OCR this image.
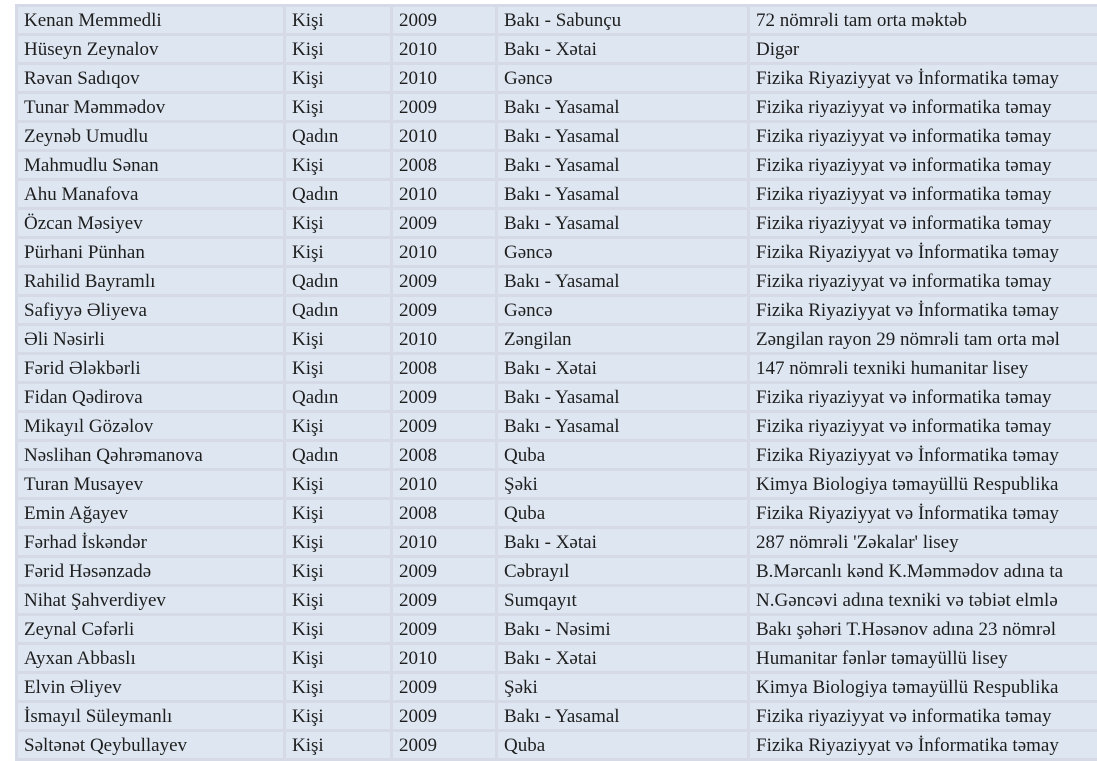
Kenan Memmedli	Kişi	2009	Bakı - Sabunçu	72 nömrəli tam orta məktəb
Hüseyn Zeynalov	Kişi	2010	Bakı - Xətai	Digər
Rəvan Sadıqov	Kişi	2010	Gəncə	Fizika Riyaziyyat və İnformatika təmay
Tunar Məmmədov	Kişi	2009	Bakı - Yasamal	Fizika riyaziyyat və informatika təmay
Zeynəb Umudlu	Qadın	2010	Bakı - Yasamal	Fizika riyaziyyat və informatika təmay
Mahmudlu Sənan	Kişi	2008	Bakı - Yasamal	Fizika riyaziyyat və informatika təmay
Ahu Manafova	Qadın	2010	Bakı - Yasamal	Fizika riyaziyyat və informatika təmay
Özcan Məsiyev	Kişi	2009	Bakı - Yasamal	Fizika riyaziyyat və informatika təmay
Pürhani Pünhan	Kişi	2010	Gəncə	Fizika Riyaziyyat və İnformatika təmay
Rahilid Bayramlı	Qadın	2009	Bakı - Yasamal	Fizika riyaziyyat və informatika təmay
Safiyyə Əliyeva	Qadın	2009	Gəncə	Fizika Riyaziyyat və İnformatika təmay
Əli Nəsirli	Kişi	2010	Zəngilan	Zəngilan rayon 29 nömrəli tam orta məl
Fərid Ələkbərli	Kişi	2008	Bakı - Xətai	147 nömrəli texniki humanitar lisey
Fidan Qədirova	Qadın	2009	Bakı - Yasamal	Fizika riyaziyyat və informatika təmay
Mikayıl Gözəlov	Kişi	2009	Bakı - Yasamal	Fizika riyaziyyat və informatika təmay
Nəslihan Qəhrəmanova	Qadın	2008	Quba	Fizika Riyaziyyat və İnformatika təmay
Turan Musayev	Kişi	2010	Şəki	Kimya Biologiya təmayüllü Respublika
Emin Ağayev	Kişi	2008	Quba	Fizika Riyaziyyat və İnformatika təmay
Fərhad İskəndər	Kişi	2010	Bakı - Xətai	287 nömrəli 'Zəkalar' lisey
Fərid Həsənzadə	Kişi	2009	Cəbrayıl	B.Mərcanlı kənd K.Məmmədov adına ta
Nihat Şahverdiyev	Kişi	2009	Sumqayıt	N.Gəncəvi adına texniki və təbiət elmlə
Zeynal Cəfərli	Kişi	2009	Bakı - Nəsimi	Bakı şəhəri T.Həsənov adına 23 nömrəl
Ayxan Abbaslı	Kişi	2010	Bakı - Xətai	Humanitar fənlər təmayüllü lisey
Elvin Əliyev	Kişi	2009	Şəki	Kimya Biologiya təmayüllü Respublika
İsmayıl Süleymanlı	Kişi	2009	Bakı - Yasamal	Fizika riyaziyyat və informatika təmay
Səltənət Qeybullayev	Kişi	2009	Quba	Fizika Riyaziyyat və İnformatika təmay
